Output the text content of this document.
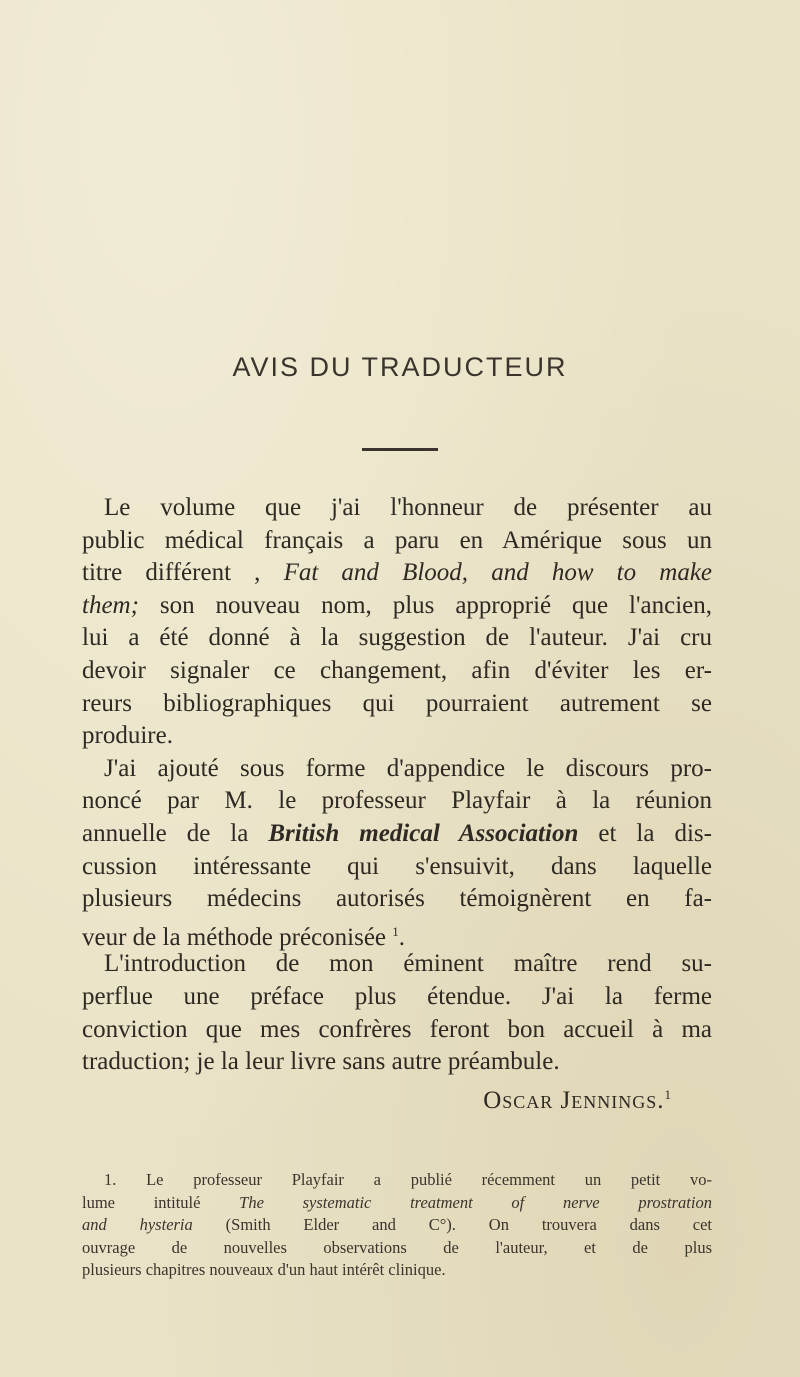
AVIS DU TRADUCTEUR
Le volume que j'ai l'honneur de présenter au
public médical français a paru en Amérique sous un
titre différent , Fat and Blood, and how to make
them; son nouveau nom, plus approprié que l'ancien,
lui a été donné à la suggestion de l'auteur. J'ai cru
devoir signaler ce changement, afin d'éviter les er-
reurs bibliographiques qui pourraient autrement se
produire.
J'ai ajouté sous forme d'appendice le discours pro-
noncé par M. le professeur Playfair à la réunion
annuelle de la British medical Association et la dis-
cussion intéressante qui s'ensuivit, dans laquelle
plusieurs médecins autorisés témoignèrent en fa-
veur de la méthode préconisée $^1$.
L'introduction de mon éminent maître rend su-
perflue une préface plus étendue. J'ai la ferme
conviction que mes confrères feront bon accueil à ma
traduction; je la leur livre sans autre préambule.
Oscar Jennings.$^1$
1. Le professeur Playfair a publié récemment un petit vo-
lume intitulé The systematic treatment of nerve prostration
and hysteria (Smith Elder and C°). On trouvera dans cet
ouvrage de nouvelles observations de l'auteur, et de plus
plusieurs chapitres nouveaux d'un haut intérêt clinique.
